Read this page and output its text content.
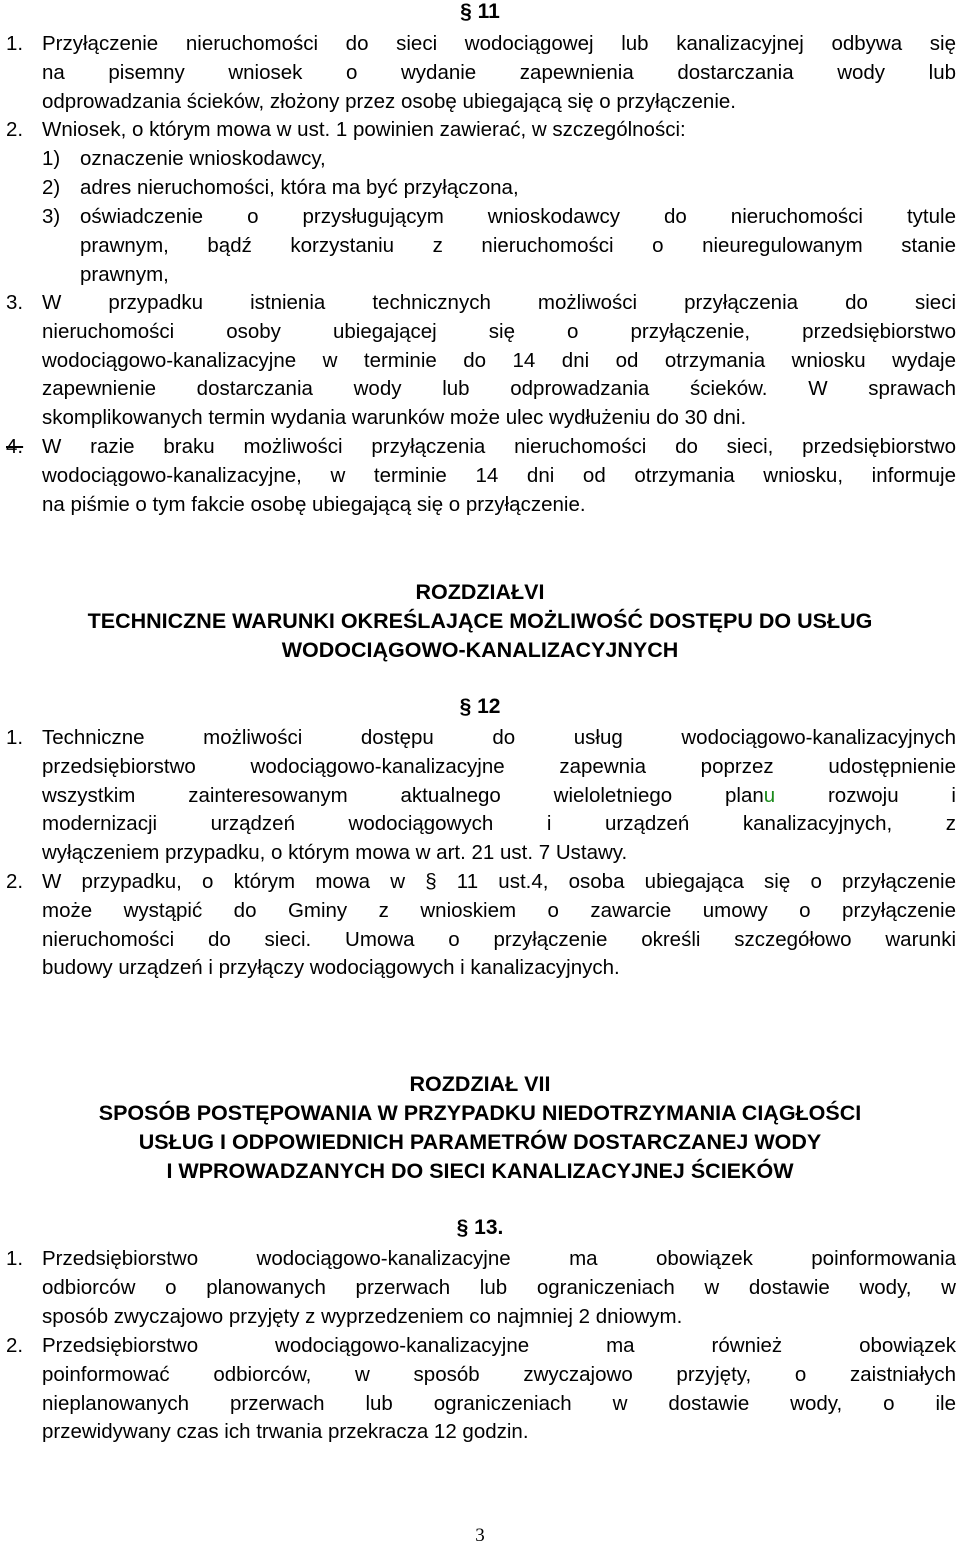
§ 11
1. Przyłączenie nieruchomości do sieci wodociągowej lub kanalizacyjnej odbywa się
na pisemny wniosek o wydanie zapewnienia dostarczania wody lub
odprowadzania ścieków, złożony przez osobę ubiegającą się o przyłączenie.
2. Wniosek, o którym mowa w ust. 1 powinien zawierać, w szczególności:
1) oznaczenie wnioskodawcy,
2) adres nieruchomości, która ma być przyłączona,
3) oświadczenie o przysługującym wnioskodawcy do nieruchomości tytule
prawnym, bądź korzystaniu z nieruchomości o nieuregulowanym stanie
prawnym,
3. W przypadku istnienia technicznych możliwości przyłączenia do sieci
nieruchomości osoby ubiegającej się o przyłączenie, przedsiębiorstwo
wodociągowo-kanalizacyjne w terminie do 14 dni od otrzymania wniosku wydaje
zapewnienie dostarczania wody lub odprowadzania ścieków. W sprawach
skomplikowanych termin wydania warunków może ulec wydłużeniu do 30 dni.
4. W razie braku możliwości przyłączenia nieruchomości do sieci, przedsiębiorstwo
wodociągowo-kanalizacyjne, w terminie 14 dni od otrzymania wniosku, informuje
na piśmie o tym fakcie osobę ubiegającą się o przyłączenie.
ROZDZIAŁVI
TECHNICZNE WARUNKI OKREŚLAJĄCE MOŻLIWOŚĆ DOSTĘPU DO USŁUG
WODOCIĄGOWO-KANALIZACYJNYCH
§ 12
1. Techniczne możliwości dostępu do usług wodociągowo-kanalizacyjnych
przedsiębiorstwo wodociągowo-kanalizacyjne zapewnia poprzez udostępnienie
wszystkim zainteresowanym aktualnego wieloletniego planu rozwoju i
modernizacji urządzeń wodociągowych i urządzeń kanalizacyjnych, z
wyłączeniem przypadku, o którym mowa w art. 21 ust. 7 Ustawy.
2. W przypadku, o którym mowa w § 11 ust.4, osoba ubiegająca się o przyłączenie
może wystąpić do Gminy z wnioskiem o zawarcie umowy o przyłączenie
nieruchomości do sieci. Umowa o przyłączenie określi szczegółowo warunki
budowy urządzeń i przyłączy wodociągowych i kanalizacyjnych.
ROZDZIAŁ VII
SPOSÓB POSTĘPOWANIA W PRZYPADKU NIEDOTRZYMANIA CIĄGŁOŚCI
USŁUG I ODPOWIEDNICH PARAMETRÓW DOSTARCZANEJ WODY
I WPROWADZANYCH DO SIECI KANALIZACYJNEJ ŚCIEKÓW
§ 13.
1. Przedsiębiorstwo wodociągowo-kanalizacyjne ma obowiązek poinformowania
odbiorców o planowanych przerwach lub ograniczeniach w dostawie wody, w
sposób zwyczajowo przyjęty z wyprzedzeniem co najmniej 2 dniowym.
2. Przedsiębiorstwo wodociągowo-kanalizacyjne ma również obowiązek
poinformować odbiorców, w sposób zwyczajowo przyjęty, o zaistniałych
nieplanowanych przerwach lub ograniczeniach w dostawie wody, o ile
przewidywany czas ich trwania przekracza 12 godzin.
3
